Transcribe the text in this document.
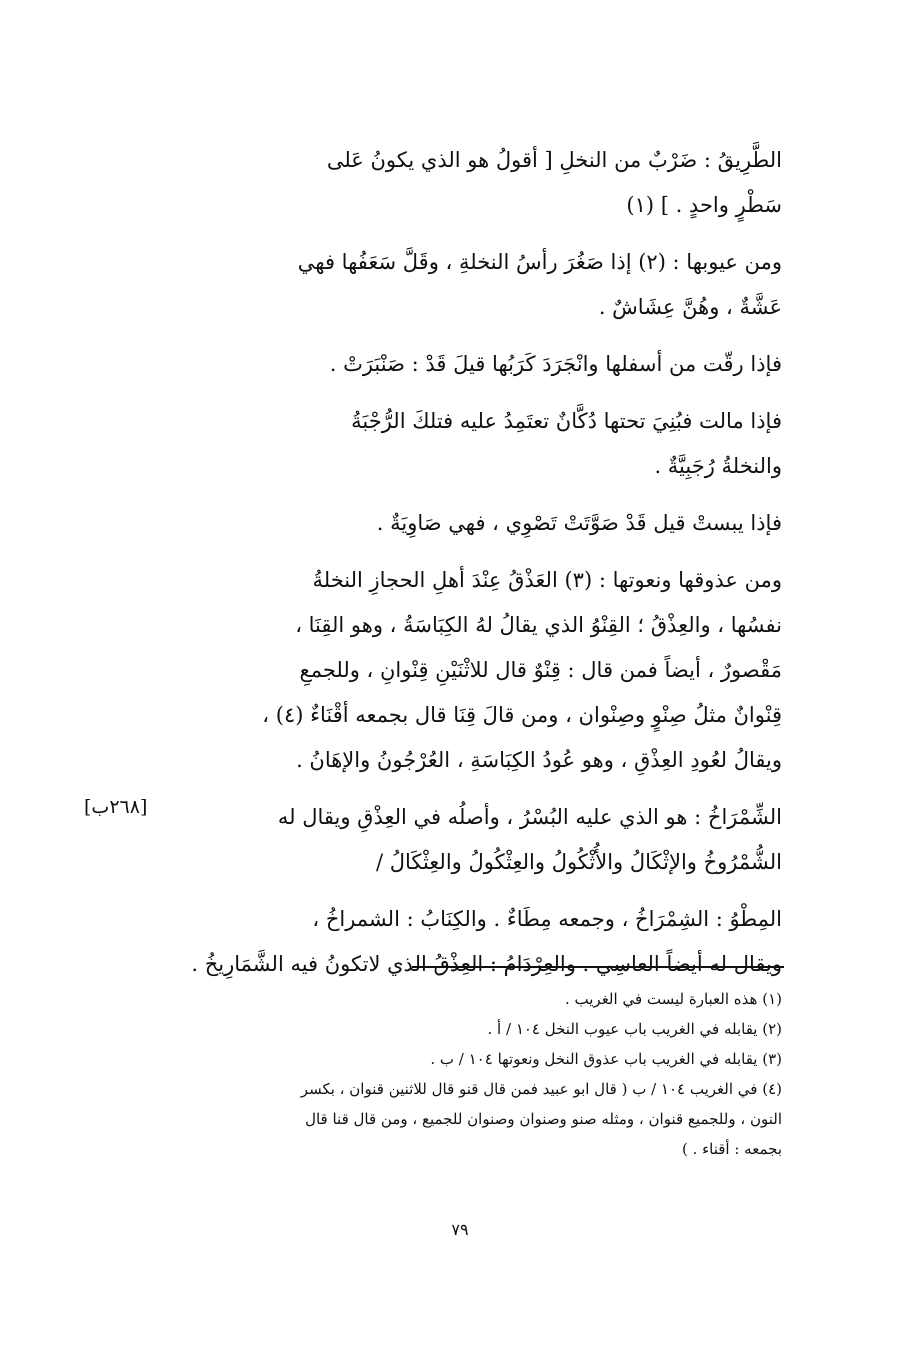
الطَّرِيقُ : ضَرْبٌ من النخلِ [ أقولُ هو الذي يكونُ عَلى
سَطْرٍ واحدٍ . ] (١)

ومن عيوبها : (٢) إذا صَغُرَ رأسُ النخلةِ ، وقَلَّ سَعَفُها فهي
عَشَّةٌ ، وهُنَّ عِشَاشٌ .

فإذا رقّت من أسفلها وانْجَرَدَ كَرَبُها قيلَ قَدْ : صَنْبَرَتْ .

فإذا مالت فبُنِيَ تحتها دُكَّانٌ تعتَمِدُ عليه فتلكَ الرُّجْبَةُ
والنخلةُ رُجَبِيَّةٌ .

فإذا يبستْ قيل قَدْ صَوَّتَتْ تَصْوِي ، فهي صَاوِيَةٌ .

ومن عذوقها ونعوتها : (٣) العَذْقُ عِنْدَ أهلِ الحجازِ النخلةُ
نفسُها ، والعِذْقُ ؛ القِنْوُ الذي يقالُ لهُ الكِبَاسَةُ ، وهو القِنَا ،
مَقْصورٌ ، أيضاً فمن قال : قِنْوٌ قال للاثْنَيْنِ قِنْوانِ ، وللجمعِ
قِنْوانٌ مثلُ صِنْوٍ وصِنْوان ، ومن قالَ قِنَا قال بجمعه أقْنَاءٌ (٤) ،
ويقالُ لعُودِ العِذْقِ ، وهو عُودُ الكِبَاسَةِ ، العُرْجُونُ والإهَانُ .

الشِّمْرَاخُ : هو الذي عليه البُسْرُ ، وأصلُه في العِذْقِ ويقال له
الشُّمْرُوخُ والإثْكَالُ والأُثْكُولُ والعِثْكُولُ والعِثْكَالُ /

المِطْوُ : الشِمْرَاخُ ، وجمعه مِطَاءٌ . والكِنَابُ : الشمراخُ ،
ويقال له أيضاً العاسِي . والعِرْدَامُ : العِذْقُ الذي لاتكونُ فيه الشَّمَارِيخُ .

[٢٦٨ب]
(١) هذه العبارة ليست في الغريب .
(٢) يقابله في الغريب باب عيوب النخل ١٠٤ / أ .
(٣) يقابله في الغريب باب عذوق النخل ونعوتها ١٠٤ / ب .
(٤) في الغريب ١٠٤ / ب ( قال ابو عبيد فمن قال قنو قال للاثنين قنوان ، بكسر
النون ، وللجميع قنوان ، ومثله صنو وصنوان وصنوان للجميع ، ومن قال قنا قال
بجمعه : أقناء . )
٧٩
